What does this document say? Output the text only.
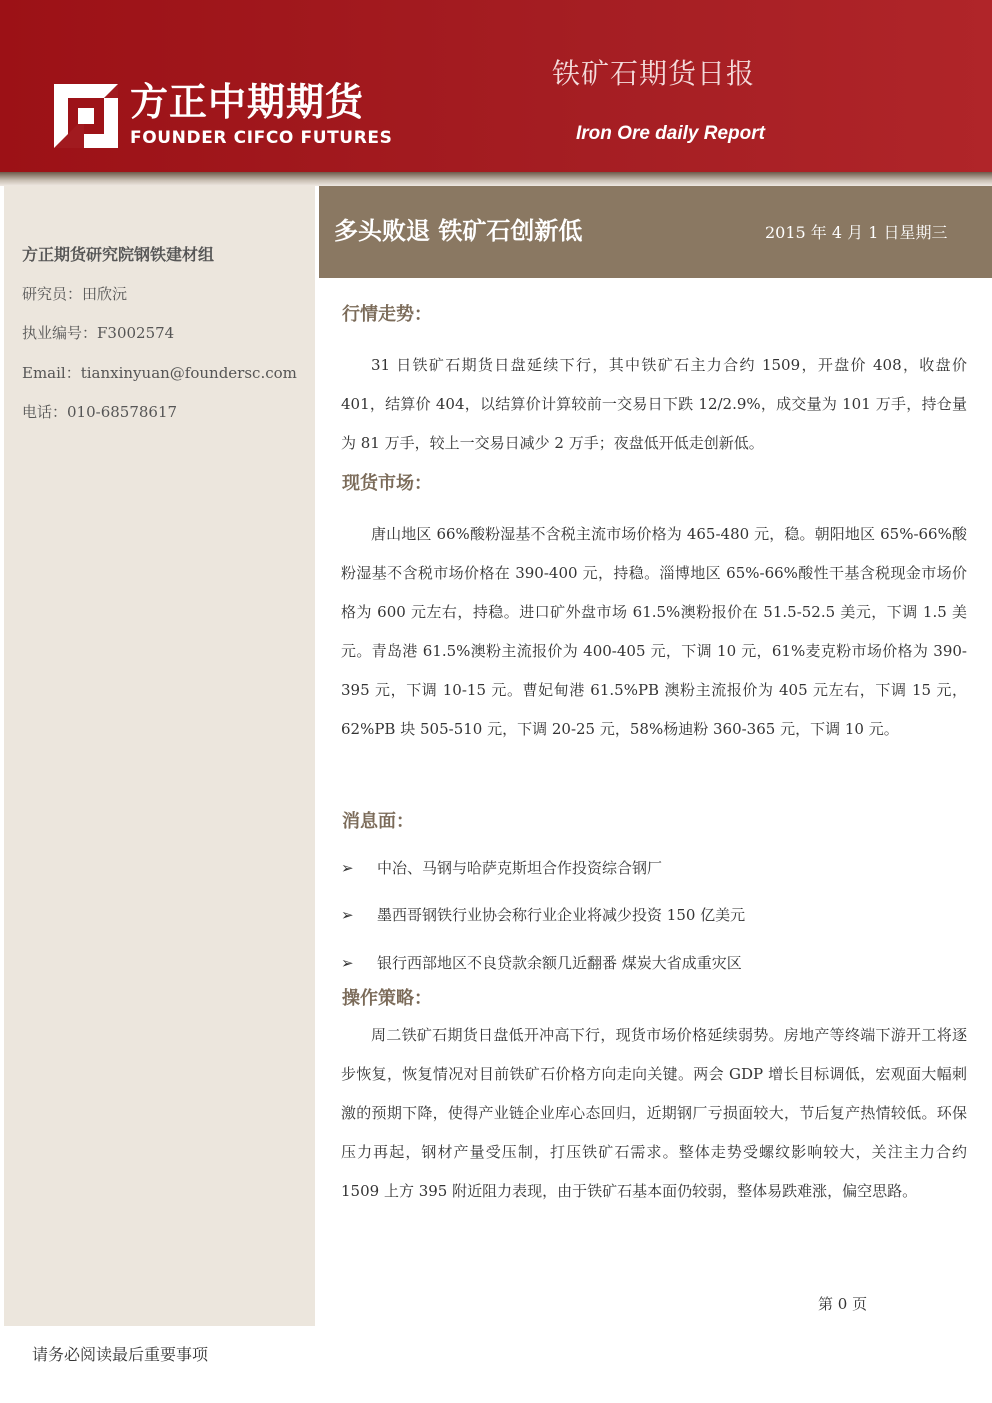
方正中期期货
FOUNDER CIFCO FUTURES
铁矿石期货日报
Iron Ore daily Report
方正期货研究院钢铁建材组
研究员：田欣沅
执业编号：F3002574
Email：tianxinyuan@foundersc.com
电话：010-68578617
多头败退 铁矿石创新低	2015 年 4 月 1 日星期三
行情走势：

31 日铁矿石期货日盘延续下行，其中铁矿石主力合约 1509，开盘价 408，收盘价 401，结算价 404，以结算价计算较前一交易日下跌 12/2.9%，成交量为 101 万手，持仓量为 81 万手，较上一交易日减少 2 万手；夜盘低开低走创新低。

现货市场：

唐山地区 66%酸粉湿基不含税主流市场价格为 465-480 元，稳。朝阳地区 65%-66%酸粉湿基不含税市场价格在 390-400 元，持稳。淄博地区 65%-66%酸性干基含税现金市场价格为 600 元左右，持稳。进口矿外盘市场 61.5%澳粉报价在 51.5-52.5 美元，下调 1.5 美元。青岛港 61.5%澳粉主流报价为 400-405 元，下调 10 元，61%麦克粉市场价格为 390-395 元，下调 10-15 元。曹妃甸港 61.5%PB 澳粉主流报价为 405 元左右，下调 15 元，62%PB 块 505-510 元，下调 20-25 元，58%杨迪粉 360-365 元，下调 10 元。

消息面：
➢ 中冶、马钢与哈萨克斯坦合作投资综合钢厂
➢ 墨西哥钢铁行业协会称行业企业将减少投资 150 亿美元
➢ 银行西部地区不良贷款余额几近翻番 煤炭大省成重灾区
操作策略：

周二铁矿石期货日盘低开冲高下行，现货市场价格延续弱势。房地产等终端下游开工将逐步恢复，恢复情况对目前铁矿石价格方向走向关键。两会 GDP 增长目标调低，宏观面大幅刺激的预期下降，使得产业链企业库心态回归，近期钢厂亏损面较大，节后复产热情较低。环保压力再起，钢材产量受压制，打压铁矿石需求。整体走势受螺纹影响较大，关注主力合约 1509 上方 395 附近阻力表现，由于铁矿石基本面仍较弱，整体易跌难涨，偏空思路。

第 0 页
请务必阅读最后重要事项
